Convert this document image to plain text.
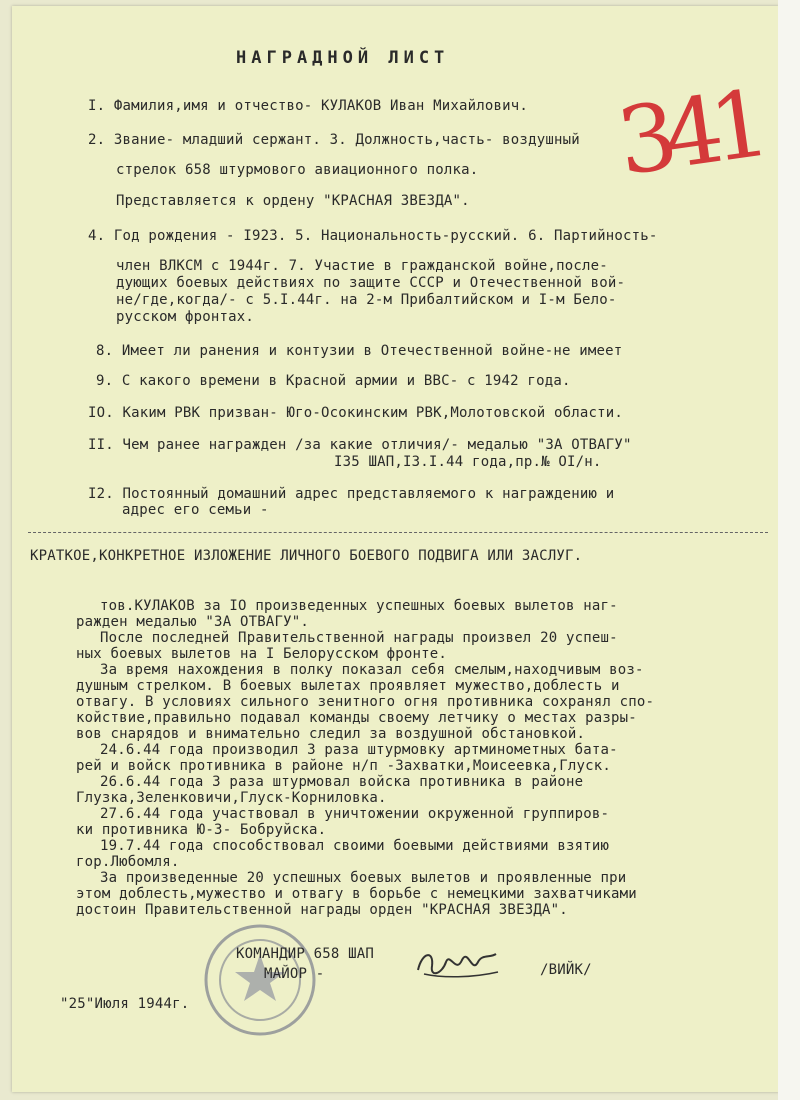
НАГРАДНОЙ ЛИСТ
341
I. Фамилия,имя и отчество- КУЛАКОВ Иван Михайлович.
2. Звание- младший сержант. 3. Должность,часть- воздушный
стрелок 658 штурмового авиационного полка.
Представляется к ордену "КРАСНАЯ ЗВЕЗДА".
4. Год рождения - I923. 5. Национальность-русский. 6. Партийность-
член ВЛКСМ с 1944г. 7. Участие в гражданской войне,после-
дующих боевых действиях по защите СССР и Отечественной вой-
не/где,когда/- с 5.I.44г. на 2-м Прибалтийском и I-м Бело-
русском фронтах.
8. Имеет ли ранения и контузии в Отечественной войне-не имеет
9. С какого времени в Красной армии и ВВС- с 1942 года.
IO. Каким РВК призван- Юго-Осокинским РВК,Молотовской области.
II. Чем ранее награжден /за какие отличия/- медалью "ЗА ОТВАГУ"
I35 ШАП,I3.I.44 года,пр.№ OI/н.
I2. Постоянный домашний адрес представляемого к награждению и
адрес его семьи -
КРАТКОЕ,КОНКРЕТНОЕ ИЗЛОЖЕНИЕ ЛИЧНОГО БОЕВОГО ПОДВИГА ИЛИ ЗАСЛУГ.
тов.КУЛАКОВ за IO произведенных успешных боевых вылетов наг-
ражден медалью "ЗА ОТВАГУ".
После последней Правительственной награды произвел 20 успеш-
ных боевых вылетов на I Белорусском фронте.
За время нахождения в полку показал себя смелым,находчивым воз-
душным стрелком. В боевых вылетах проявляет мужество,доблесть и
отвагу. В условиях сильного зенитного огня противника сохранял спо-
койствие,правильно подавал команды своему летчику о местах разры-
вов снарядов и внимательно следил за воздушной обстановкой.
24.6.44 года производил 3 раза штурмовку артминометных бата-
рей и войск противника в районе н/п -Захватки,Моисеевка,Глуск.
26.6.44 года 3 раза штурмовал войска противника в районе
Глузка,Зеленковичи,Глуск-Корниловка.
27.6.44 года участвовал в уничтожении окруженной группиров-
ки противника Ю-З- Бобруйска.
19.7.44 года способствовал своими боевыми действиями взятию
гор.Любомля.
За произведенные 20 успешных боевых вылетов и проявленные при
этом доблесть,мужество и отвагу в борьбе с немецкими захватчиками
достоин Правительственной награды орден "КРАСНАЯ ЗВЕЗДА".
КОМАНДИР 658 ШАП
МАЙОР -	/ВИЙК/
"25"Июля 1944г.
